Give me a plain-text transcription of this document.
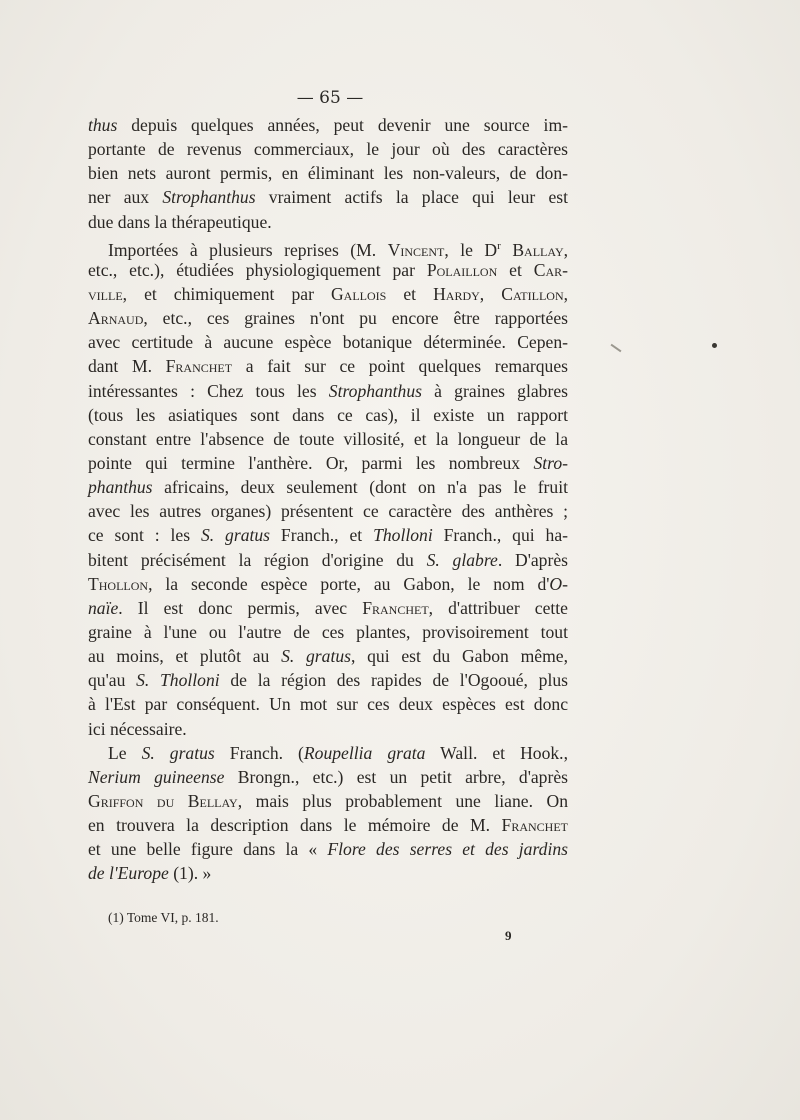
— 65 —
thus depuis quelques années, peut devenir une source im-
portante de revenus commerciaux, le jour où des caractères
bien nets auront permis, en éliminant les non-valeurs, de don-
ner aux Strophanthus vraiment actifs la place qui leur est
due dans la thérapeutique.
Importées à plusieurs reprises (M. Vincent, le $D^r$ Ballay,
etc., etc.), étudiées physiologiquement par Polaillon et Car-
ville, et chimiquement par Gallois et Hardy, Catillon,
Arnaud, etc., ces graines n'ont pu encore être rapportées
avec certitude à aucune espèce botanique déterminée. Cepen-
dant M. Franchet a fait sur ce point quelques remarques
intéressantes : Chez tous les Strophanthus à graines glabres
(tous les asiatiques sont dans ce cas), il existe un rapport
constant entre l'absence de toute villosité, et la longueur de la
pointe qui termine l'anthère. Or, parmi les nombreux Stro-
phanthus africains, deux seulement (dont on n'a pas le fruit
avec les autres organes) présentent ce caractère des anthères ;
ce sont : les S. gratus Franch., et Tholloni Franch., qui ha-
bitent précisément la région d'origine du S. glabre. D'après
Thollon, la seconde espèce porte, au Gabon, le nom d'O-
naïe. Il est donc permis, avec Franchet, d'attribuer cette
graine à l'une ou l'autre de ces plantes, provisoirement tout
au moins, et plutôt au S. gratus, qui est du Gabon même,
qu'au S. Tholloni de la région des rapides de l'Ogooué, plus
à l'Est par conséquent. Un mot sur ces deux espèces est donc
ici nécessaire.
Le S. gratus Franch. (Roupellia grata Wall. et Hook.,
Nerium guineense Brongn., etc.) est un petit arbre, d'après
Griffon du Bellay, mais plus probablement une liane. On
en trouvera la description dans le mémoire de M. Franchet
et une belle figure dans la « Flore des serres et des jardins
de l'Europe (1). »
(1) Tome VI, p. 181.
9
